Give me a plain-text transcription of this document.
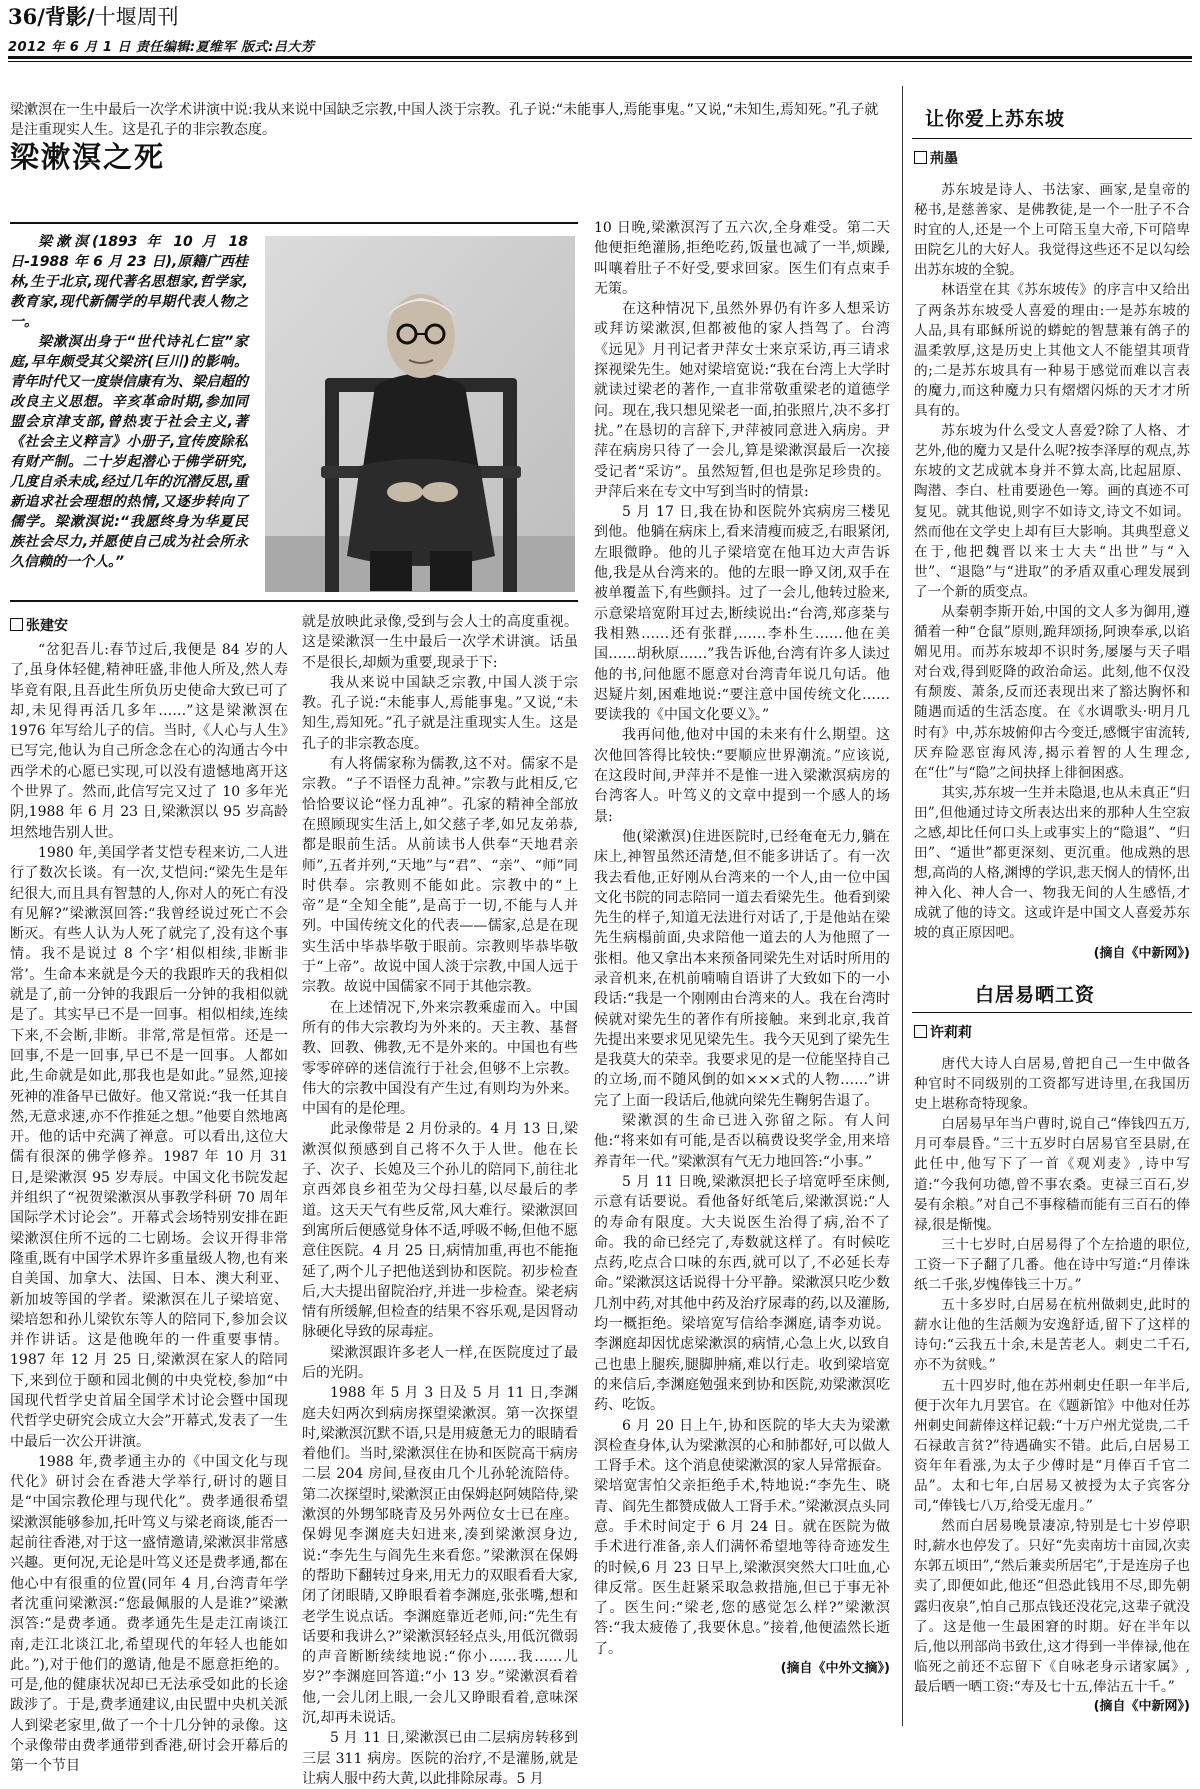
36/背影/十堰周刊
2012 年 6 月 1 日 责任编辑:夏维军 版式:吕大芳
梁漱溟在一生中最后一次学术讲演中说:我从来说中国缺乏宗教,中国人淡于宗教。孔子说:“未能事人,焉能事鬼。”又说,“未知生,焉知死。”孔子就是注重现实人生。这是孔子的非宗教态度。
梁漱溟之死

梁漱溟(1893 年 10 月 18 日-1988 年 6 月 23 日),原籍广西桂林,生于北京,现代著名思想家,哲学家,教育家,现代新儒学的早期代表人物之一。

梁漱溟出身于“世代诗礼仁宦”家庭,早年颇受其父梁济(巨川)的影响。青年时代又一度崇信康有为、梁启超的改良主义思想。辛亥革命时期,参加同盟会京津支部,曾热衷于社会主义,著《社会主义粹言》小册子,宣传废除私有财产制。二十岁起潜心于佛学研究,几度自杀未成,经过几年的沉潜反思,重新追求社会理想的热情,又逐步转向了儒学。梁漱溟说:“我愿终身为华夏民族社会尽力,并愿使自己成为社会所永久信赖的一个人。”

张建安

“岔犯吾儿:春节过后,我便是 84 岁的人了,虽身体轻健,精神旺盛,非他人所及,然人寿毕竟有限,且吾此生所负历史使命大致已可了却,未见得再活几多年……”这是梁漱溟在 1976 年写给儿子的信。当时,《人心与人生》已写完,他认为自己所念念在心的沟通古今中西学术的心愿已实现,可以没有遗憾地离开这个世界了。然而,此信写完又过了 10 多年光阴,1988 年 6 月 23 日,梁漱溟以 95 岁高龄坦然地告别人世。

1980 年,美国学者艾恺专程来访,二人进行了数次长谈。有一次,艾恺问:“梁先生是年纪很大,而且具有智慧的人,你对人的死亡有没有见解?”梁漱溟回答:“我曾经说过死亡不会断灭。有些人认为人死了就完了,没有这个事情。我不是说过 8 个字‘相似相续,非断非常’。生命本来就是今天的我跟昨天的我相似就是了,前一分钟的我跟后一分钟的我相似就是了。其实早已不是一回事。相似相续,连续下来,不会断,非断。非常,常是恒常。还是一回事,不是一回事,早已不是一回事。人都如此,生命就是如此,那我也是如此。”显然,迎接死神的准备早已做好。他又常说:“我一任其自然,无意求速,亦不作推延之想。”他要自然地离开。他的话中充满了禅意。可以看出,这位大儒有很深的佛学修养。1987 年 10 月 31 日,是梁漱溟 95 岁寿辰。中国文化书院发起并组织了“祝贺梁漱溟从事教学科研 70 周年国际学术讨论会”。开幕式会场特别安排在距梁漱溟住所不远的二七剧场。会议开得非常隆重,既有中国学术界许多重量级人物,也有来自美国、加拿大、法国、日本、澳大利亚、新加坡等国的学者。梁漱溟在儿子梁培宽、梁培恕和孙儿梁钦东等人的陪同下,参加会议并作讲话。这是他晚年的一件重要事情。1987 年 12 月 25 日,梁漱溟在家人的陪同下,来到位于颐和园北侧的中央党校,参加“中国现代哲学史首届全国学术讨论会暨中国现代哲学史研究会成立大会”开幕式,发表了一生中最后一次公开讲演。

1988 年,费孝通主办的《中国文化与现代化》研讨会在香港大学举行,研讨的题目是“中国宗教伦理与现代化”。费孝通很希望梁漱溟能够参加,托叶笃义与梁老商谈,能否一起前往香港,对于这一盛情邀请,梁漱溟非常感兴趣。更何况,无论是叶笃义还是费孝通,都在他心中有很重的位置(同年 4 月,台湾青年学者沈重问梁漱溟:“您最佩服的人是谁?”梁漱溟答:“是费孝通。费孝通先生是走江南谈江南,走江北谈江北,希望现代的年轻人也能如此。”),对于他们的邀请,他是不愿意拒绝的。可是,他的健康状况却已无法承受如此的长途跋涉了。于是,费孝通建议,由民盟中央机关派人到梁老家里,做了一个十几分钟的录像。这个录像带由费孝通带到香港,研讨会开幕后的第一个节目

就是放映此录像,受到与会人士的高度重视。这是梁漱溟一生中最后一次学术讲演。话虽不是很长,却颇为重要,现录于下:

我从来说中国缺乏宗教,中国人淡于宗教。孔子说:“未能事人,焉能事鬼。”又说,“未知生,焉知死。”孔子就是注重现实人生。这是孔子的非宗教态度。

有人将儒家称为儒教,这不对。儒家不是宗教。“子不语怪力乱神。”宗教与此相反,它恰恰要议论“怪力乱神”。孔家的精神全部放在照顾现实生活上,如父慈子孝,如兄友弟恭,都是眼前生活。从前读书人供奉“天地君亲师”,五者并列,“天地”与“君”、“亲”、“师”同时供奉。宗教则不能如此。宗教中的“上帝”是“全知全能”,是高于一切,不能与人并列。中国传统文化的代表——儒家,总是在现实生活中毕恭毕敬于眼前。宗教则毕恭毕敬于“上帝”。故说中国人淡于宗教,中国人远于宗教。故说中国儒家不同于其他宗教。

在上述情况下,外来宗教乘虚而入。中国所有的伟大宗教均为外来的。天主教、基督教、回教、佛教,无不是外来的。中国也有些零零碎碎的迷信流行于社会,但够不上宗教。伟大的宗教中国没有产生过,有则均为外来。中国有的是伦理。

此录像带是 2 月份录的。4 月 13 日,梁漱溟似预感到自己将不久于人世。他在长子、次子、长媳及三个孙儿的陪同下,前往北京西郊良乡祖茔为父母扫墓,以尽最后的孝道。这天天气有些反常,风大难行。梁漱溟回到寓所后便感觉身体不适,呼吸不畅,但他不愿意住医院。4 月 25 日,病情加重,再也不能拖延了,两个儿子把他送到协和医院。初步检查后,大夫提出留院治疗,并进一步检查。梁老病情有所缓解,但检查的结果不容乐观,是因肾动脉硬化导致的尿毒症。

梁漱溟跟许多老人一样,在医院度过了最后的光阴。

1988 年 5 月 3 日及 5 月 11 日,李渊庭夫妇两次到病房探望梁漱溟。第一次探望时,梁漱溟沉默不语,只是用疲惫无力的眼睛看着他们。当时,梁漱溟住在协和医院高干病房二层 204 房间,昼夜由几个儿孙轮流陪侍。第二次探望时,梁漱溟正由保姆赵阿姨陪侍,梁漱溟的外甥邹晓青及另外两位女士已在座。保姆见李渊庭夫妇进来,凑到梁漱溟身边,说:“李先生与阎先生来看您。”梁漱溟在保姆的帮助下翻转过身来,用无力的双眼看看大家,闭了闭眼睛,又睁眼看着李渊庭,张张嘴,想和老学生说点话。李渊庭靠近老师,问:“先生有话要和我讲么?”梁漱溟轻轻点头,用低沉微弱的声音断断续续地说:“你小……我……儿岁?”李渊庭回答道:“小 13 岁。”梁漱溟看着他,一会儿闭上眼,一会儿又睁眼看着,意味深沉,却再未说话。

5 月 11 日,梁漱溟已由二层病房转移到三层 311 病房。医院的治疗,不是灌肠,就是让病人服中药大黄,以此排除尿毒。5 月

10 日晚,梁漱溟泻了五六次,全身难受。第二天他便拒绝灌肠,拒绝吃药,饭量也减了一半,烦躁,叫嚷着肚子不好受,要求回家。医生们有点束手无策。

在这种情况下,虽然外界仍有许多人想采访或拜访梁漱溟,但都被他的家人挡驾了。台湾《远见》月刊记者尹萍女士来京采访,再三请求探视梁先生。她对梁培宽说:“我在台湾上大学时就读过梁老的著作,一直非常敬重梁老的道德学问。现在,我只想见梁老一面,拍张照片,决不多打扰。”在恳切的言辞下,尹萍被同意进入病房。尹萍在病房只待了一会儿,算是梁漱溟最后一次接受记者“采访”。虽然短暂,但也是弥足珍贵的。尹萍后来在专文中写到当时的情景:

5 月 17 日,我在协和医院外宾病房三楼见到他。他躺在病床上,看来清瘦而疲乏,右眼紧闭,左眼微睁。他的儿子梁培宽在他耳边大声告诉他,我是从台湾来的。他的左眼一睁又闭,双手在被单覆盖下,有些颤抖。过了一会儿,他转过脸来,示意梁培宽附耳过去,断续说出:“台湾,郑彦棻与我相熟……还有张群,……李朴生……他在美国……胡秋原……”我告诉他,台湾有许多人读过他的书,问他愿不愿意对台湾青年说几句话。他迟疑片刻,困难地说:“要注意中国传统文化……要读我的《中国文化要义》。”

我再问他,他对中国的未来有什么期望。这次他回答得比较快:“要顺应世界潮流。”应该说,在这段时间,尹萍并不是惟一进入梁漱溟病房的台湾客人。叶笃义的文章中提到一个感人的场景:

他(梁漱溟)住进医院时,已经奄奄无力,躺在床上,神智虽然还清楚,但不能多讲话了。有一次我去看他,正好刚从台湾来的一个人,由一位中国文化书院的同志陪同一道去看梁先生。他看到梁先生的样子,知道无法进行对话了,于是他站在梁先生病榻前面,央求陪他一道去的人为他照了一张相。他又拿出本来预备同梁先生对话时所用的录音机来,在机前喃喃自语讲了大致如下的一小段话:“我是一个刚刚由台湾来的人。我在台湾时候就对梁先生的著作有所接触。来到北京,我首先提出来要求见见梁先生。我今天见到了梁先生是我莫大的荣幸。我要求见的是一位能坚持自己的立场,而不随风倒的如×××式的人物……”讲完了上面一段话后,他就向梁先生鞠躬告退了。

梁漱溟的生命已进入弥留之际。有人问他:“将来如有可能,是否以稿费设奖学金,用来培养青年一代。”梁漱溟有气无力地回答:“小事。”

5 月 11 日晚,梁漱溟把长子培宽呼至床侧,示意有话要说。看他备好纸笔后,梁漱溟说:“人的寿命有限度。大夫说医生治得了病,治不了命。我的命已经完了,寿数就这样了。有时候吃点药,吃点合口味的东西,就可以了,不必延长寿命。”梁漱溟这话说得十分平静。梁漱溟只吃少数几剂中药,对其他中药及治疗尿毒的药,以及灌肠,均一概拒绝。梁培宽写信给李渊庭,请李劝说。李渊庭却因忧虑梁漱溟的病情,心急上火,以致自己也患上腿疾,腿脚肿痛,难以行走。收到梁培宽的来信后,李渊庭勉强来到协和医院,劝梁漱溟吃药、吃饭。

6 月 20 日上午,协和医院的毕大夫为梁漱溟检查身体,认为梁漱溟的心和肺都好,可以做人工肾手术。这个消息使梁漱溟的家人异常振奋。梁培宽害怕父亲拒绝手术,特地说:“李先生、晓青、阎先生都赞成做人工肾手术。”梁漱溟点头同意。手术时间定于 6 月 24 日。就在医院为做手术进行准备,亲人们满怀希望地等待奇迹发生的时候,6 月 23 日早上,梁漱溟突然大口吐血,心律反常。医生赶紧采取急救措施,但已于事无补了。医生问:“梁老,您的感觉怎么样?”梁漱溟答:“我太疲倦了,我要休息。”接着,他便溘然长逝了。

(摘自《中外文摘》)
让你爱上苏东坡
荊墨

苏东坡是诗人、书法家、画家,是皇帝的秘书,是慈善家、是佛教徒,是一个一肚子不合时宜的人,还是一个上可陪玉皇大帝,下可陪卑田院乞儿的大好人。我觉得这些还不足以勾绘出苏东坡的全貌。

林语堂在其《苏东坡传》的序言中又给出了两条苏东坡受人喜爱的理由:一是苏东坡的人品,具有耶稣所说的蟒蛇的智慧兼有鸽子的温柔敦厚,这是历史上其他文人不能望其项背的;二是苏东坡具有一种易于感觉而难以言表的魔力,而这种魔力只有熠熠闪烁的天才才所具有的。

苏东坡为什么受文人喜爱?除了人格、才艺外,他的魔力又是什么呢?按李泽厚的观点,苏东坡的文艺成就本身并不算太高,比起屈原、陶潜、李白、杜甫要逊色一筹。画的真迹不可复见。就其他说,则字不如诗文,诗文不如词。然而他在文学史上却有巨大影响。其典型意义在于,他把魏晋以来士大夫“出世”与“入世”、“退隐”与“进取”的矛盾双重心理发展到了一个新的质变点。

从秦朝李斯开始,中国的文人多为御用,遵循着一种“仓鼠”原则,跪拜颂扬,阿谀奉承,以谄媚见用。而苏东坡却不识时务,屡屡与天子唱对台戏,得到贬降的政治命运。此刻,他不仅没有颓废、萧条,反而还表现出来了豁达胸怀和随遇而适的生活态度。在《水调歌头·明月几时有》中,苏东坡俯仰古今变迁,感慨宇宙流转,厌弃险恶宦海风涛,揭示着智的人生理念,在“仕”与“隐”之间抉择上徘徊困惑。

其实,苏东坡一生并未隐退,也从未真正“归田”,但他通过诗文所表达出来的那种人生空寂之感,却比任何口头上或事实上的“隐退”、“归田”、“遁世”都更深刻、更沉重。他成熟的思想,高尚的人格,渊博的学识,悲天悯人的情怀,出神入化、神人合一、物我无间的人生感悟,才成就了他的诗文。这或许是中国文人喜爱苏东坡的真正原因吧。

(摘自《中新网》)
白居易晒工资
许莉莉

唐代大诗人白居易,曾把自己一生中做各种官时不同级别的工资都写进诗里,在我国历史上堪称奇特现象。

白居易早年当户曹时,说自己“俸钱四五万,月可奉晨昏。”三十五岁时白居易官至县尉,在此任中,他写下了一首《观刈麦》,诗中写道:“今我何功德,曾不事农桑。吏禄三百石,岁晏有余粮。”对自己不事稼穑而能有三百石的俸禄,很是惭愧。

三十七岁时,白居易得了个左拾遗的职位,工资一下子翻了几番。他在诗中写道:“月俸诛纸二千张,岁愧俸钱三十万。”

五十多岁时,白居易在杭州做刺史,此时的薪水让他的生活颇为安逸舒适,留下了这样的诗句:“云我五十余,未是苦老人。刺史二千石,亦不为贫贱。”

五十四岁时,他在苏州刺史任职一年半后,便于次年九月罢官。在《题新馆》中他对任苏州刺史间薪俸这样记载:“十万户州尤觉贵,二千石禄敢言贫?”待遇确实不错。此后,白居易工资年年看涨,为太子少傅时是“月俸百千官二品”。太和七年,白居易又被授为太子宾客分司,“俸钱七八万,给受无虚月。”

然而白居易晚景凄凉,特别是七十岁停职时,薪水也停发了。只好“先卖南坊十亩园,次卖东郭五顷田”,“然后兼卖所居宅”,于是连房子也卖了,即便如此,他还“但恐此钱用不尽,即先朝露归夜泉”,怕自己那点钱还没花完,这辈子就没了。这是他一生最困窘的时期。好在半年以后,他以刑部尚书致仕,这才得到一半俸禄,他在临死之前还不忘留下《自咏老身示诸家属》,最后晒一晒工资:“寿及七十五,俸沾五十千。”

(摘自《中新网》)
